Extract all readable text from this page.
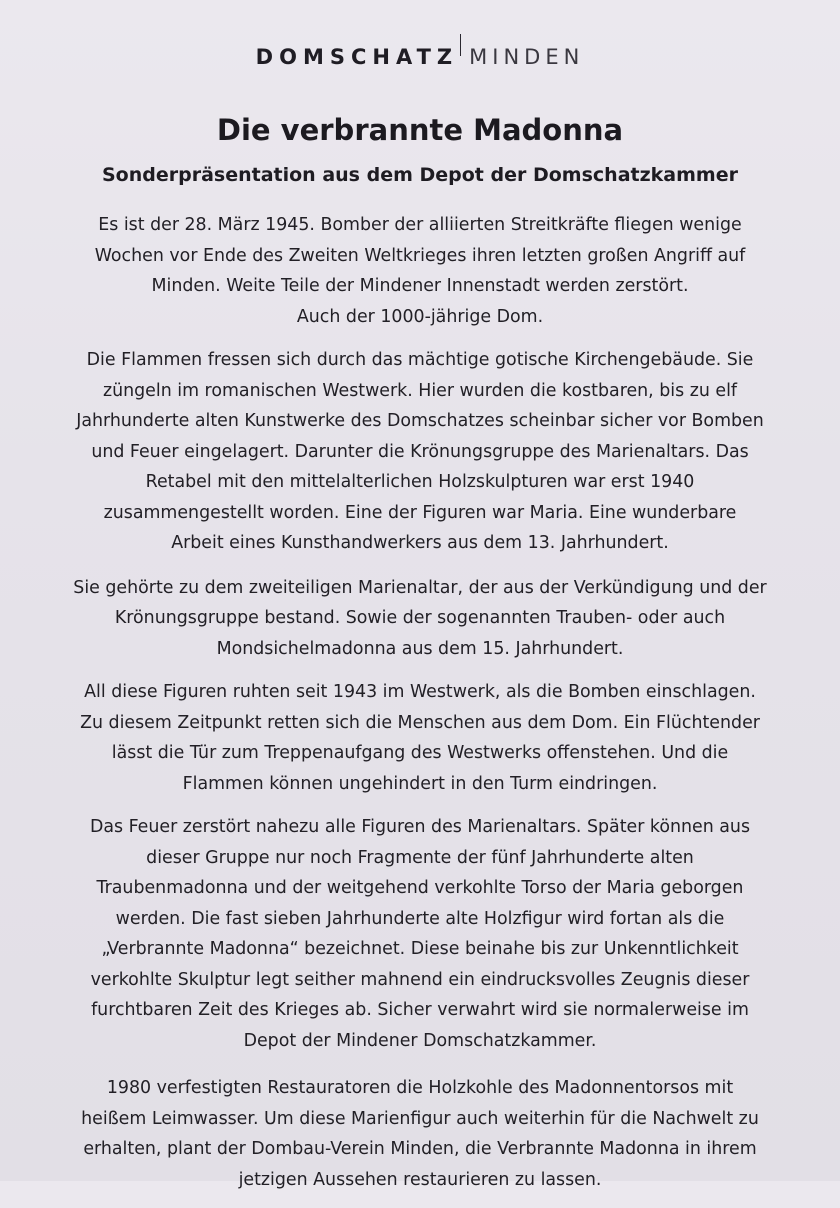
DOMSCHATZ MINDEN
Die verbrannte Madonna
Sonderpräsentation aus dem Depot der Domschatzkammer

Es ist der 28. März 1945. Bomber der alliierten Streitkräfte fliegen wenige
Wochen vor Ende des Zweiten Weltkrieges ihren letzten großen Angriff auf
Minden. Weite Teile der Mindener Innenstadt werden zerstört.
Auch der 1000-jährige Dom.

Die Flammen fressen sich durch das mächtige gotische Kirchengebäude. Sie
züngeln im romanischen Westwerk. Hier wurden die kostbaren, bis zu elf
Jahrhunderte alten Kunstwerke des Domschatzes scheinbar sicher vor Bomben
und Feuer eingelagert. Darunter die Krönungsgruppe des Marienaltars. Das
Retabel mit den mittelalterlichen Holzskulpturen war erst 1940
zusammengestellt worden. Eine der Figuren war Maria. Eine wunderbare
Arbeit eines Kunsthandwerkers aus dem 13. Jahrhundert.

Sie gehörte zu dem zweiteiligen Marienaltar, der aus der Verkündigung und der
Krönungsgruppe bestand. Sowie der sogenannten Trauben- oder auch
Mondsichelmadonna aus dem 15. Jahrhundert.

All diese Figuren ruhten seit 1943 im Westwerk, als die Bomben einschlagen.
Zu diesem Zeitpunkt retten sich die Menschen aus dem Dom. Ein Flüchtender
lässt die Tür zum Treppenaufgang des Westwerks offenstehen. Und die
Flammen können ungehindert in den Turm eindringen.

Das Feuer zerstört nahezu alle Figuren des Marienaltars. Später können aus
dieser Gruppe nur noch Fragmente der fünf Jahrhunderte alten
Traubenmadonna und der weitgehend verkohlte Torso der Maria geborgen
werden. Die fast sieben Jahrhunderte alte Holzfigur wird fortan als die
„Verbrannte Madonna“ bezeichnet. Diese beinahe bis zur Unkenntlichkeit
verkohlte Skulptur legt seither mahnend ein eindrucksvolles Zeugnis dieser
furchtbaren Zeit des Krieges ab. Sicher verwahrt wird sie normalerweise im
Depot der Mindener Domschatzkammer.

1980 verfestigten Restauratoren die Holzkohle des Madonnentorsos mit
heißem Leimwasser. Um diese Marienfigur auch weiterhin für die Nachwelt zu
erhalten, plant der Dombau-Verein Minden, die Verbrannte Madonna in ihrem
jetzigen Aussehen restaurieren zu lassen.
